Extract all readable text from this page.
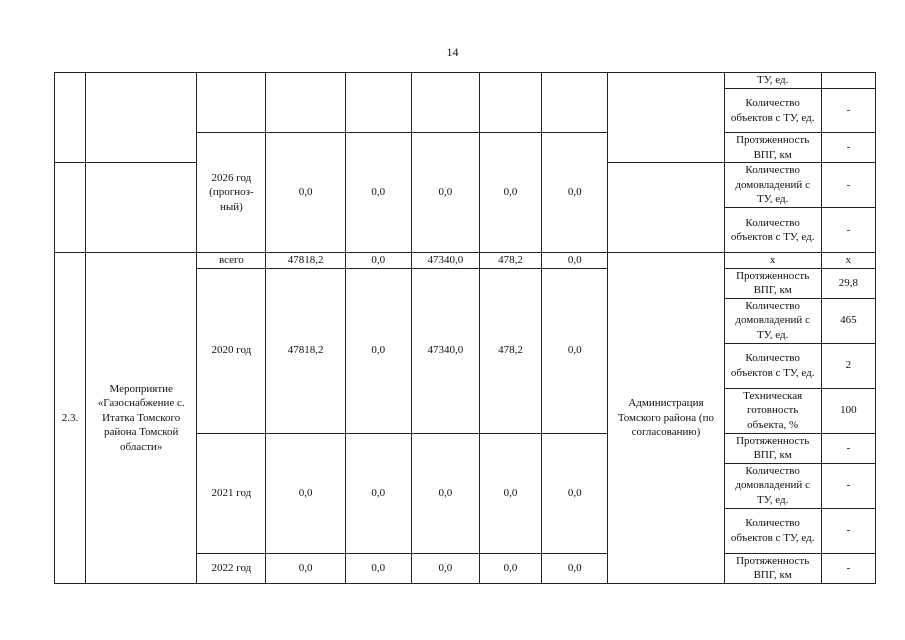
14
									ТУ, ед.	
									Количество объектов с ТУ, ед.	-
		2026 год (прогноз-ный)	0,0	0,0	0,0	0,0	0,0		Протяженность ВПГ, км	-
									Количество домовладений с ТУ, ед.	-
									Количество объектов с ТУ, ед.	-
2.3.	Мероприятие «Газоснабжение с. Итатка Томского района Томской области»	всего	47818,2	0,0	47340,0	478,2	0,0	Администрация Томского района (по согласованию)	х	х
		2020 год	47818,2	0,0	47340,0	478,2	0,0		Протяженность ВПГ, км	29,8
									Количество домовладений с ТУ, ед.	465
									Количество объектов с ТУ, ед.	2
									Техническая готовность объекта, %	100
		2021 год	0,0	0,0	0,0	0,0	0,0		Протяженность ВПГ, км	-
									Количество домовладений с ТУ, ед.	-
									Количество объектов с ТУ, ед.	-
		2022 год	0,0	0,0	0,0	0,0	0,0		Протяженность ВПГ, км	-
